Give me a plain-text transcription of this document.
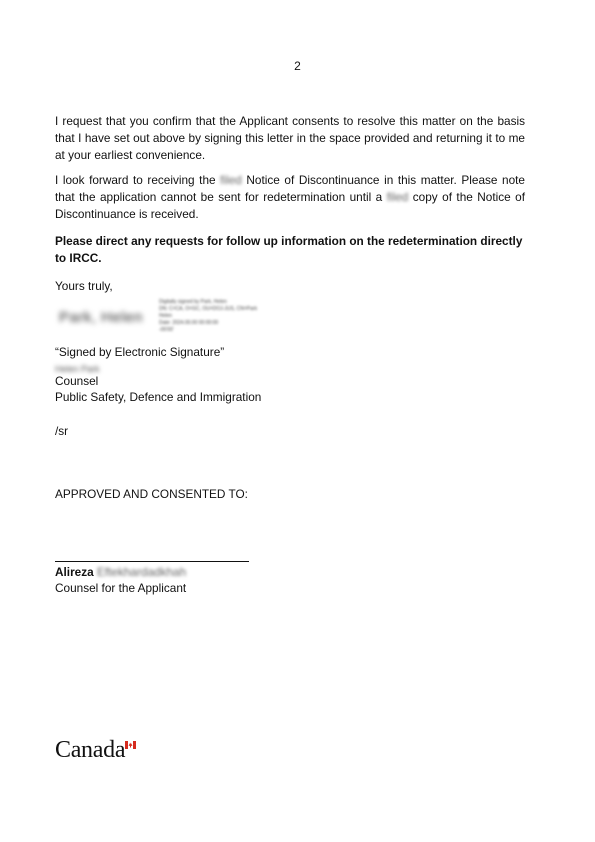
2
I request that you confirm that the Applicant consents to resolve this matter on the basis that I have set out above by signing this letter in the space provided and returning it to me at your earliest convenience.
I look forward to receiving the filed Notice of Discontinuance in this matter. Please note that the application cannot be sent for redetermination until a filed copy of the Notice of Discontinuance is received.
Please direct any requests for follow up information on the redetermination directly to IRCC.
Yours truly,
Park, Helen
Digitally signed by Park, Helen
DN: C=CA, O=GC, OU=DOJ-JUS, CN=Park
Helen
Date: 2024.00.00 00:00:00
-05'00'
“Signed by Electronic Signature”
Helen Park
Counsel
Public Safety, Defence and Immigration
/sr
APPROVED AND CONSENTED TO:
Alireza Eftekhardadkhah
Counsel for the Applicant
Canada
